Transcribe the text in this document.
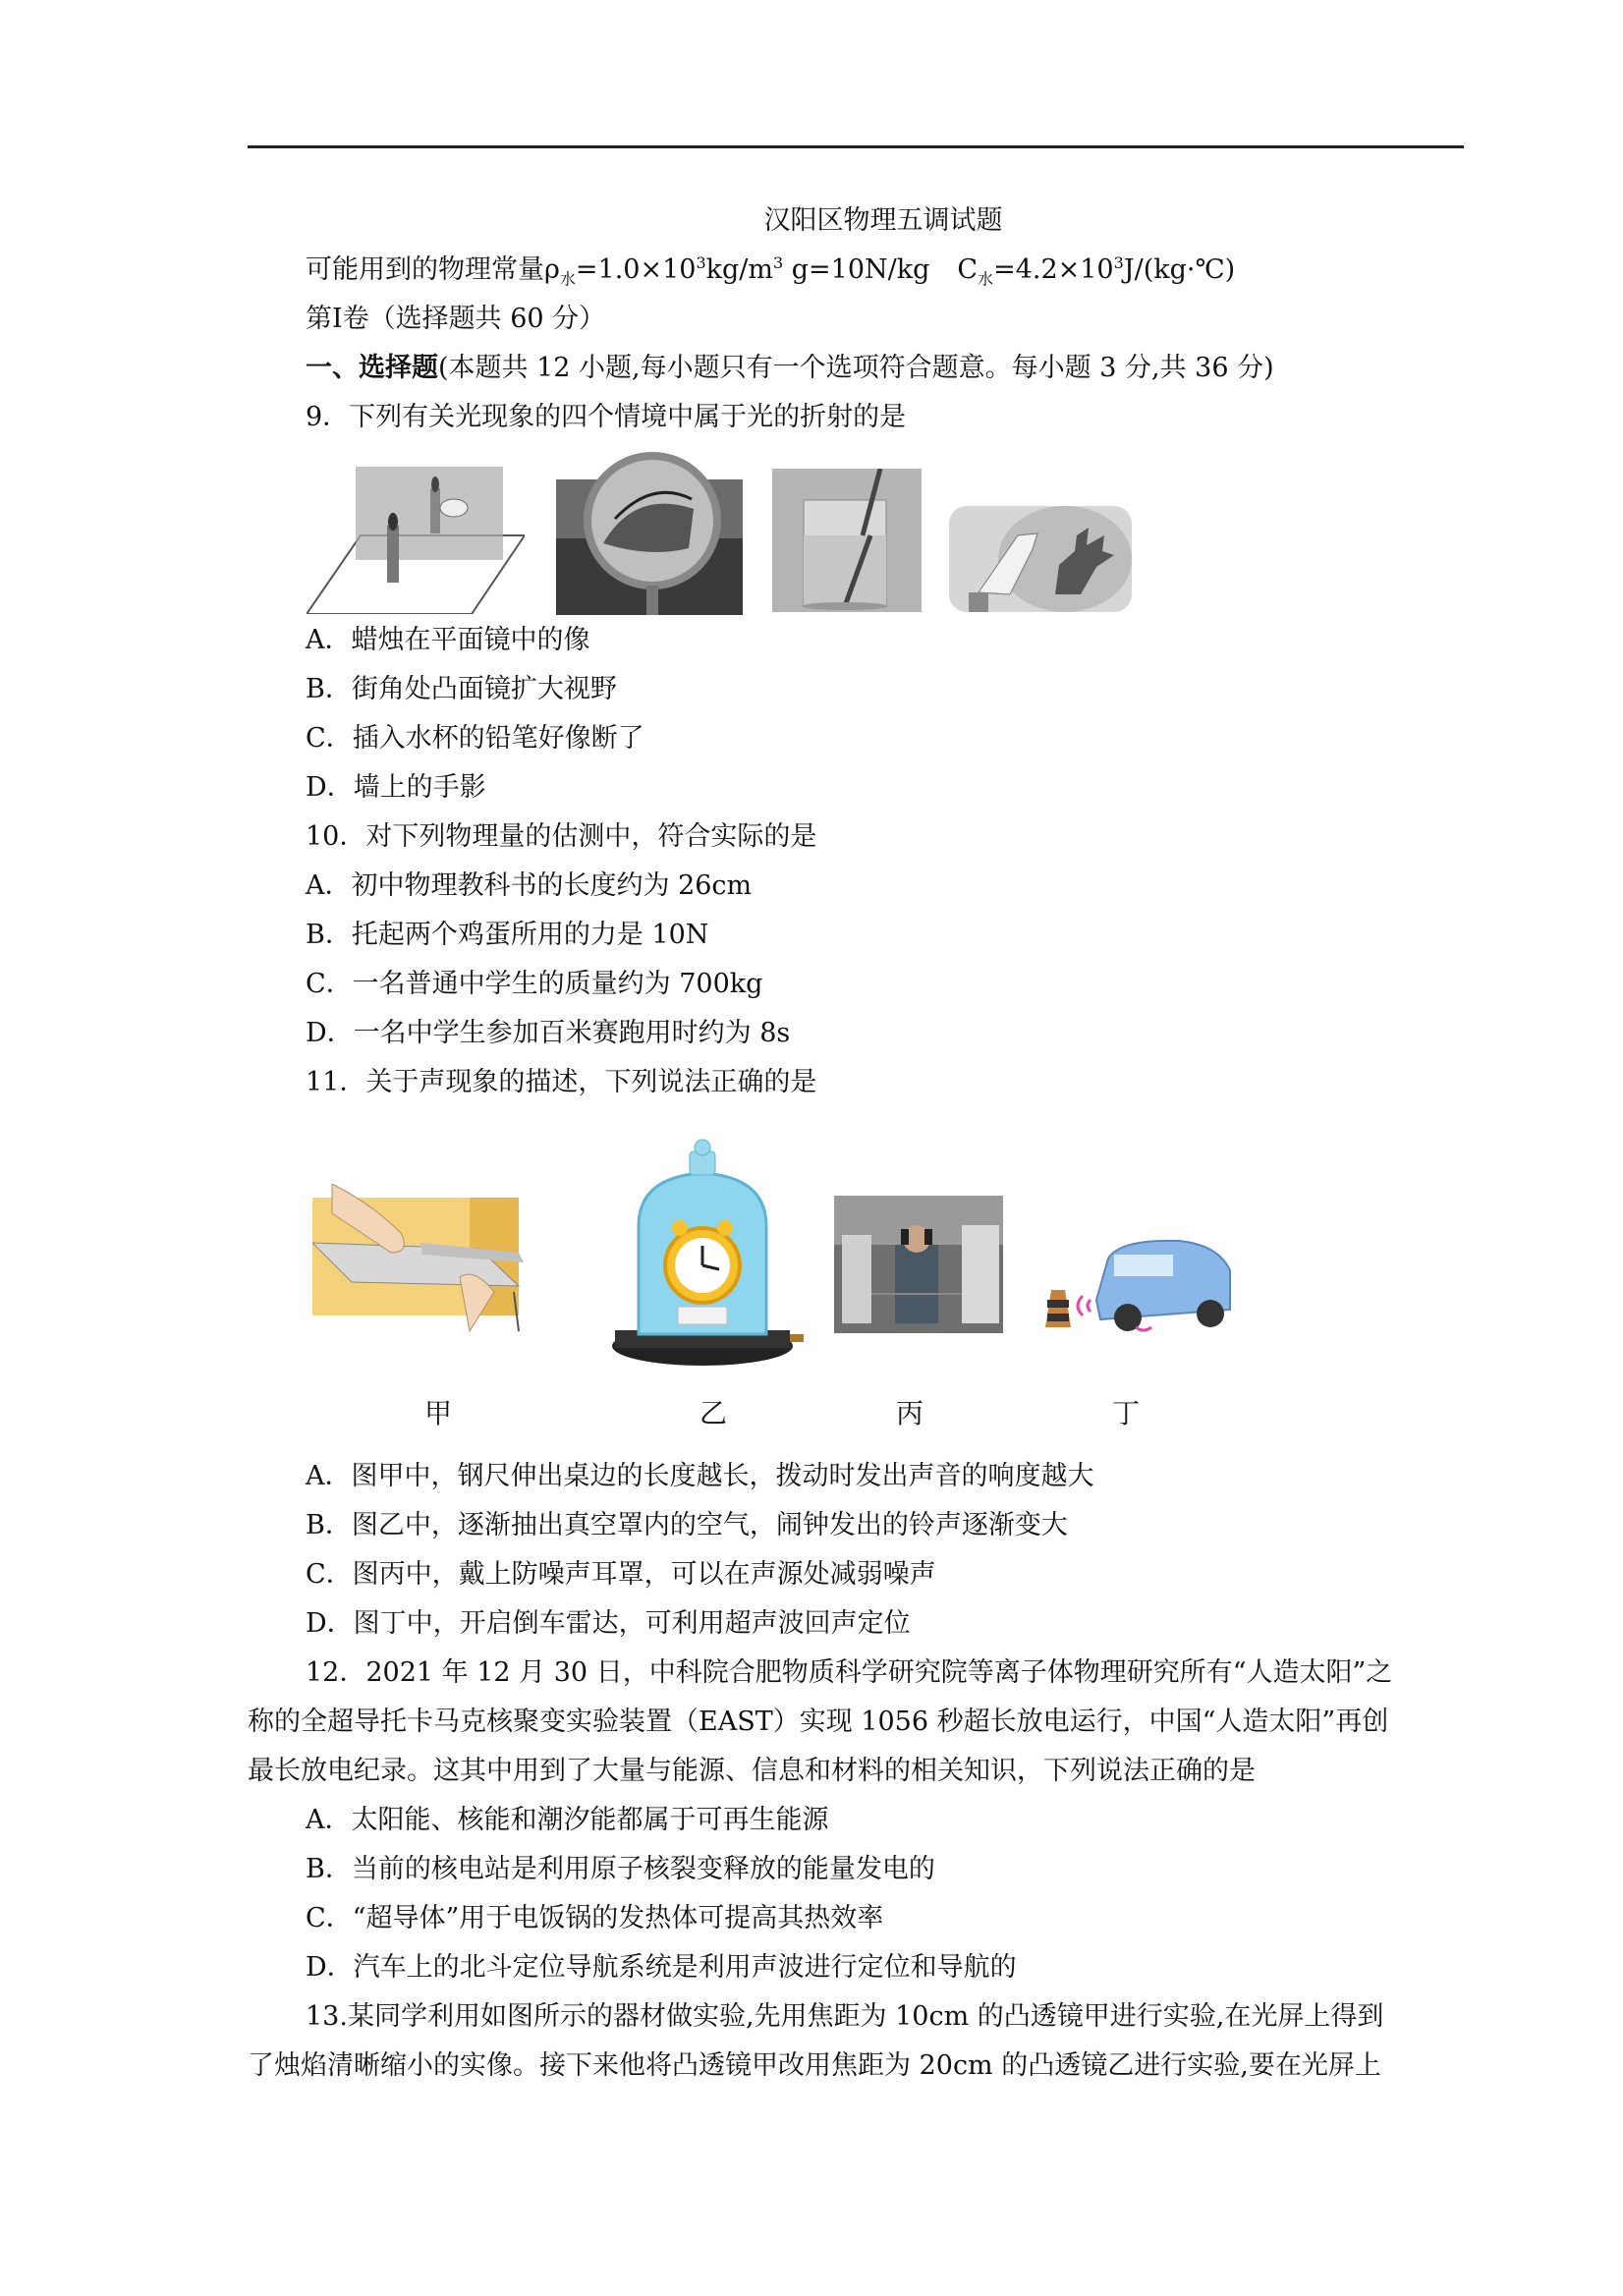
汉阳区物理五调试题
可能用到的物理常量$\rho_水=1.0\times 10^3kg/m^3$ g=10N/kg $C_水=4.2\times 10^3J/(kg\cdot℃)$
第Ⅰ卷（选择题共 60 分）
一、选择题(本题共 12 小题,每小题只有一个选项符合题意。每小题 3 分,共 36 分)
9．下列有关光现象的四个情境中属于光的折射的是
A．蜡烛在平面镜中的像
B．街角处凸面镜扩大视野
C．插入水杯的铅笔好像断了
D．墙上的手影
10．对下列物理量的估测中，符合实际的是
A．初中物理教科书的长度约为 26cm
B．托起两个鸡蛋所用的力是 10N
C．一名普通中学生的质量约为 700kg
D．一名中学生参加百米赛跑用时约为 8s
11．关于声现象的描述，下列说法正确的是
甲	乙	丙	丁
A．图甲中，钢尺伸出桌边的长度越长，拨动时发出声音的响度越大
B．图乙中，逐渐抽出真空罩内的空气，闹钟发出的铃声逐渐变大
C．图丙中，戴上防噪声耳罩，可以在声源处减弱噪声
D．图丁中，开启倒车雷达，可利用超声波回声定位
12．2021 年 12 月 30 日，中科院合肥物质科学研究院等离子体物理研究所有“人造太阳”之
称的全超导托卡马克核聚变实验装置（EAST）实现 1056 秒超长放电运行，中国“人造太阳”再创
最长放电纪录。这其中用到了大量与能源、信息和材料的相关知识，下列说法正确的是
A．太阳能、核能和潮汐能都属于可再生能源
B．当前的核电站是利用原子核裂变释放的能量发电的
C．“超导体”用于电饭锅的发热体可提高其热效率
D．汽车上的北斗定位导航系统是利用声波进行定位和导航的
13.某同学利用如图所示的器材做实验,先用焦距为 10cm 的凸透镜甲进行实验,在光屏上得到
了烛焰清晰缩小的实像。接下来他将凸透镜甲改用焦距为 20cm 的凸透镜乙进行实验,要在光屏上
